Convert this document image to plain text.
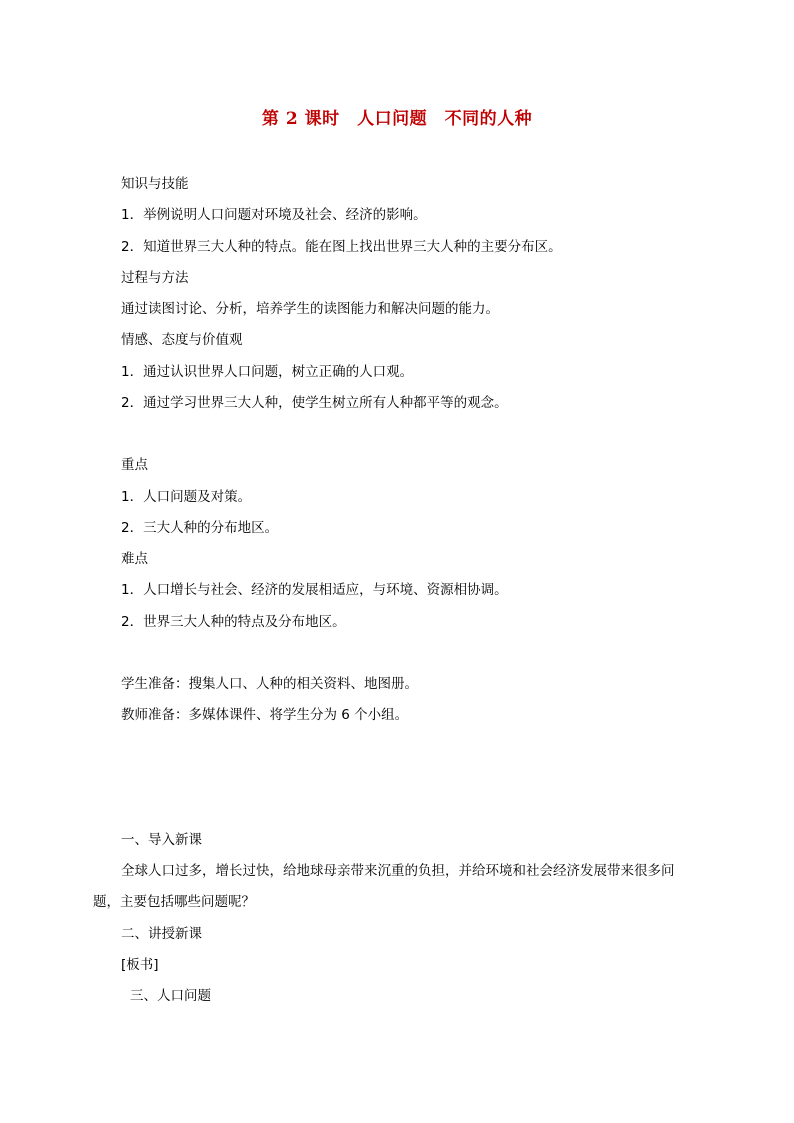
第 2 课时　人口问题　不同的人种
知识与技能
1．举例说明人口问题对环境及社会、经济的影响。
2．知道世界三大人种的特点。能在图上找出世界三大人种的主要分布区。
过程与方法
通过读图讨论、分析，培养学生的读图能力和解决问题的能力。
情感、态度与价值观
1．通过认识世界人口问题，树立正确的人口观。
2．通过学习世界三大人种，使学生树立所有人种都平等的观念。
重点
1．人口问题及对策。
2．三大人种的分布地区。
难点
1．人口增长与社会、经济的发展相适应，与环境、资源相协调。
2．世界三大人种的特点及分布地区。
学生准备：搜集人口、人种的相关资料、地图册。
教师准备：多媒体课件、将学生分为 6 个小组。
一、导入新课
全球人口过多，增长过快，给地球母亲带来沉重的负担，并给环境和社会经济发展带来很多问
题，主要包括哪些问题呢？
二、讲授新课
[板书]
三、人口问题
